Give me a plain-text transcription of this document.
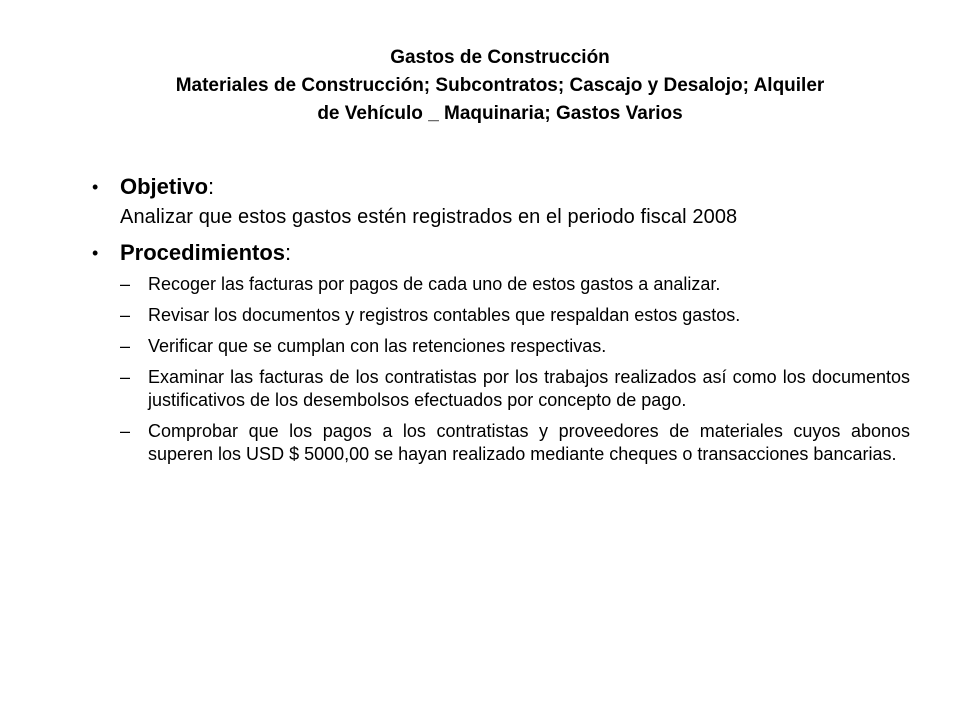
Gastos de Construcción
Materiales de Construcción; Subcontratos; Cascajo y Desalojo; Alquiler
de Vehículo _ Maquinaria; Gastos Varios
• Objetivo:
Analizar que estos gastos estén registrados en el periodo fiscal 2008
• Procedimientos:
– Recoger las facturas por pagos de cada uno de estos gastos a analizar.
– Revisar los documentos y registros contables que respaldan estos gastos.
– Verificar que se cumplan con las retenciones respectivas.
– Examinar las facturas de los contratistas por los trabajos realizados así como los documentos justificativos de los desembolsos efectuados por concepto de pago.
– Comprobar que los pagos a los contratistas y proveedores de materiales cuyos abonos superen los USD $ 5000,00 se hayan realizado mediante cheques o transacciones bancarias.
